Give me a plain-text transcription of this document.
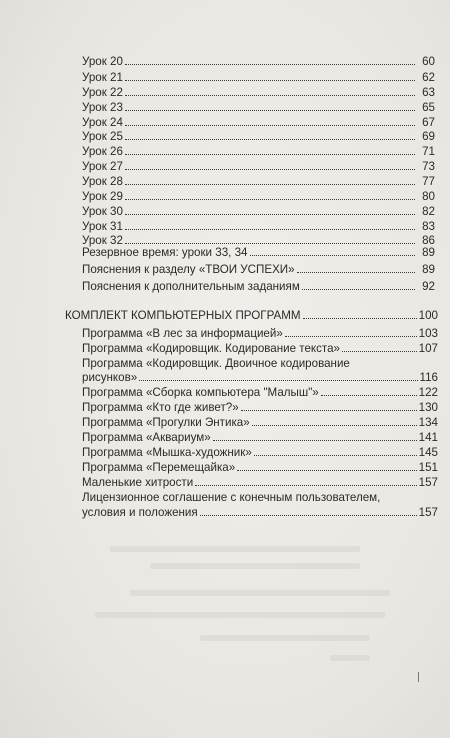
Урок 20	60
Урок 21	62
Урок 22	63
Урок 23	65
Урок 24	67
Урок 25	69
Урок 26	71
Урок 27	73
Урок 28	77
Урок 29	80
Урок 30	82
Урок 31	83
Урок 32	86
Резервное время: уроки 33, 34	89
Пояснения к разделу «ТВОИ УСПЕХИ»	89
Пояснения к дополнительным заданиям	92
КОМПЛЕКТ КОМПЬЮТЕРНЫХ ПРОГРАММ	100
Программа «В лес за информацией»	103
Программа «Кодировщик. Кодирование текста»	107
Программа «Кодировщик. Двоичное кодирование
рисунков»	116
Программа «Сборка компьютера "Малыш"»	122
Программа «Кто где живет?»	130
Программа «Прогулки Энтика»	134
Программа «Аквариум»	141
Программа «Мышка-художник»	145
Программа «Перемещайка»	151
Маленькие хитрости	157
Лицензионное соглашение с конечным пользователем,
условия и положения	157
